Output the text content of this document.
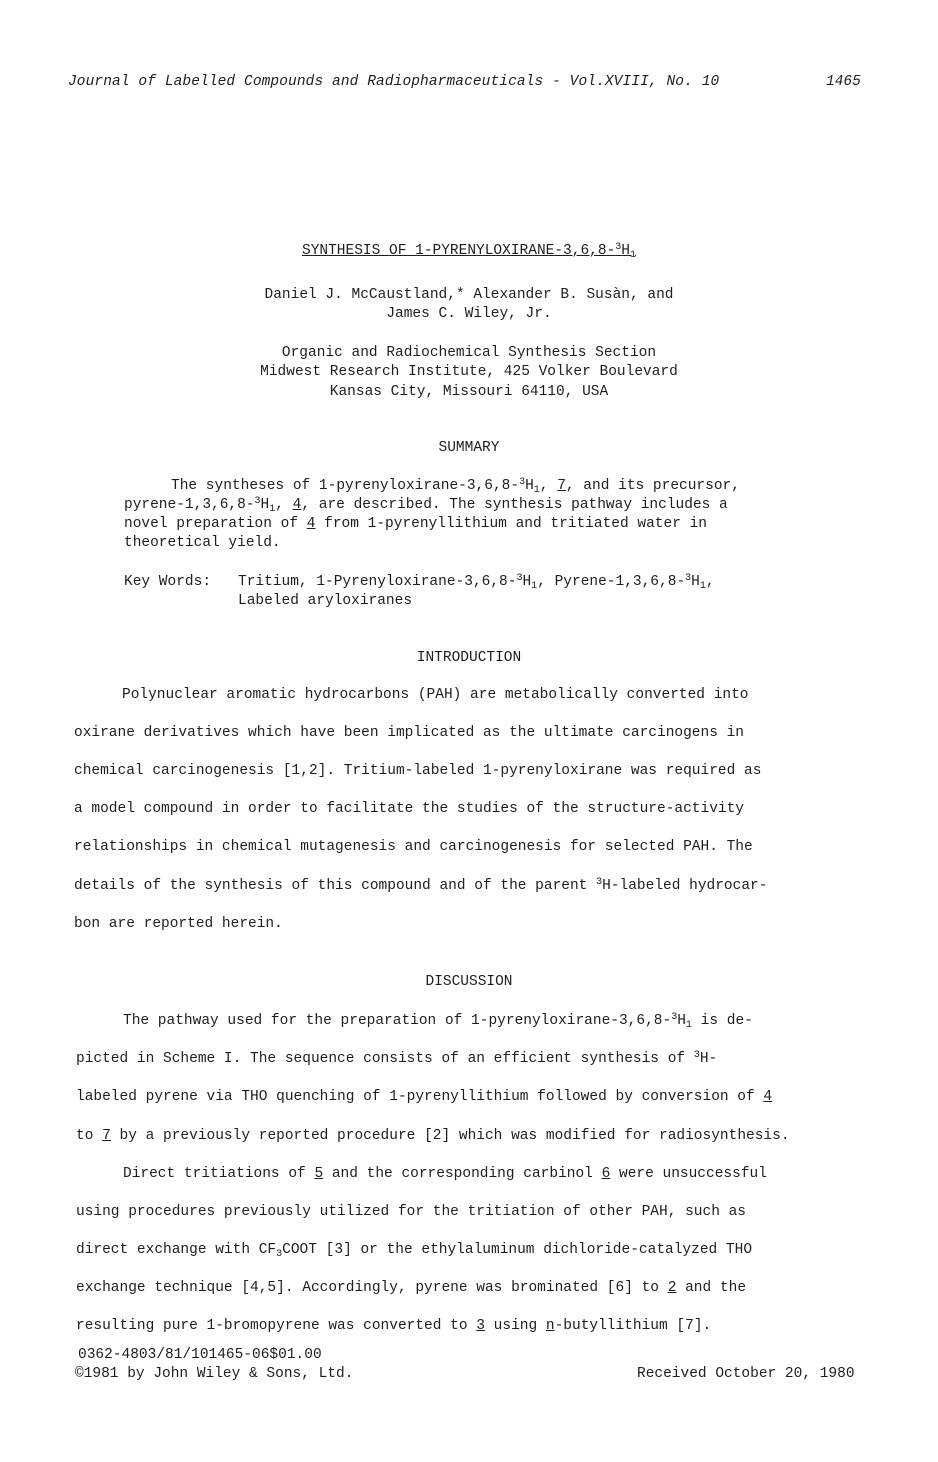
Journal of Labelled Compounds and Radiopharmaceuticals - Vol.XVIII, No. 10	1465
SYNTHESIS OF $1-PYRENYLOXIRANE-3,6,8-^3H_1$
Daniel J. McCaustland,* Alexander B. Susàn, and
James C. Wiley, Jr.
Organic and Radiochemical Synthesis Section
Midwest Research Institute, 425 Volker Boulevard
Kansas City, Missouri 64110, USA
SUMMARY
The syntheses of $1-pyrenyloxirane-3,6,8-^3H_1$, 7, and its precursor,
pyrene-$1,3,6,8-^3H_1$, 4, are described. The synthesis pathway includes a
novel preparation of 4 from 1-pyrenyllithium and tritiated water in
theoretical yield.
Key Words: Tritium, $1-Pyrenyloxirane-3,6,8-^3H_1$, Pyrene-$1,3,6,8-^3H_1$,
Labeled aryloxiranes
INTRODUCTION
Polynuclear aromatic hydrocarbons (PAH) are metabolically converted into
oxirane derivatives which have been implicated as the ultimate carcinogens in
chemical carcinogenesis [1,2]. Tritium-labeled 1-pyrenyloxirane was required as
a model compound in order to facilitate the studies of the structure-activity
relationships in chemical mutagenesis and carcinogenesis for selected PAH. The
details of the synthesis of this compound and of the parent $^3$H-labeled hydrocar-
bon are reported herein.
DISCUSSION
The pathway used for the preparation of $1-pyrenyloxirane-3,6,8-^3H_1$ is de-
picted in Scheme I. The sequence consists of an efficient synthesis of $^3$H-
labeled pyrene via THO quenching of 1-pyrenyllithium followed by conversion of 4
to 7 by a previously reported procedure [2] which was modified for radiosynthesis.
Direct tritiations of 5 and the corresponding carbinol 6 were unsuccessful
using procedures previously utilized for the tritiation of other PAH, such as
direct exchange with $CF_3COOT$ [3] or the ethylaluminum dichloride-catalyzed THO
exchange technique [4,5]. Accordingly, pyrene was brominated [6] to 2 and the
resulting pure 1-bromopyrene was converted to 3 using n-butyllithium [7].
0362-4803/81/101465-06$01.00
©1981 by John Wiley & Sons, Ltd.	Received October 20, 1980
